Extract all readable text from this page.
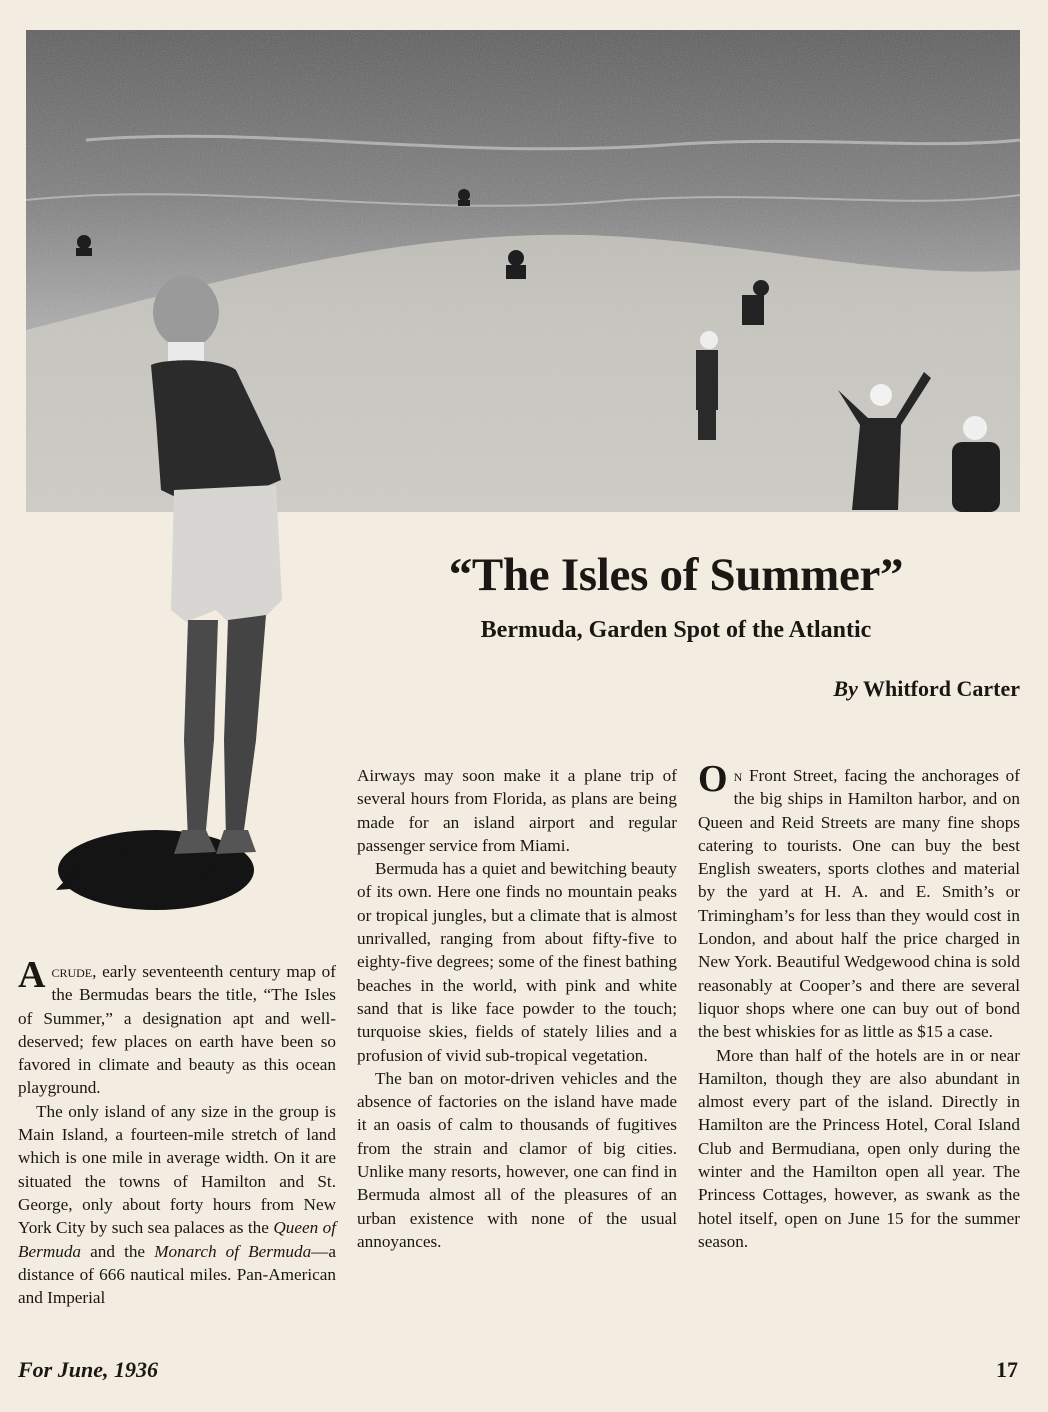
“The Isles of Summer”
Bermuda, Garden Spot of the Atlantic
By Whitford Carter

Acrude, early seventeenth century map of the Bermudas bears the title, “The Isles of Summer,” a designation apt and well-deserved; few places on earth have been so favored in climate and beauty as this ocean playground.

The only island of any size in the group is Main Island, a fourteen-mile stretch of land which is one mile in average width. On it are situated the towns of Hamilton and St. George, only about forty hours from New York City by such sea palaces as the Queen of Bermuda and the Monarch of Bermuda—a distance of 666 nautical miles. Pan-American and Imperial

Airways may soon make it a plane trip of several hours from Florida, as plans are being made for an island airport and regular passenger service from Miami.

Bermuda has a quiet and bewitching beauty of its own. Here one finds no mountain peaks or tropical jungles, but a climate that is almost unrivalled, ranging from about fifty-five to eighty-five degrees; some of the finest bathing beaches in the world, with pink and white sand that is like face powder to the touch; turquoise skies, fields of stately lilies and a profusion of vivid sub-tropical vegetation.

The ban on motor-driven vehicles and the absence of factories on the island have made it an oasis of calm to thousands of fugitives from the strain and clamor of big cities. Unlike many resorts, however, one can find in Bermuda almost all of the pleasures of an urban existence with none of the usual annoyances.

On Front Street, facing the anchorages of the big ships in Hamilton harbor, and on Queen and Reid Streets are many fine shops catering to tourists. One can buy the best English sweaters, sports clothes and material by the yard at H. A. and E. Smith’s or Trimingham’s for less than they would cost in London, and about half the price charged in New York. Beautiful Wedgewood china is sold reasonably at Cooper’s and there are several liquor shops where one can buy out of bond the best whiskies for as little as $15 a case.

More than half of the hotels are in or near Hamilton, though they are also abundant in almost every part of the island. Directly in Hamilton are the Princess Hotel, Coral Island Club and Bermudiana, open only during the winter and the Hamilton open all year. The Princess Cottages, however, as swank as the hotel itself, open on June 15 for the summer season.

For June, 1936	17
